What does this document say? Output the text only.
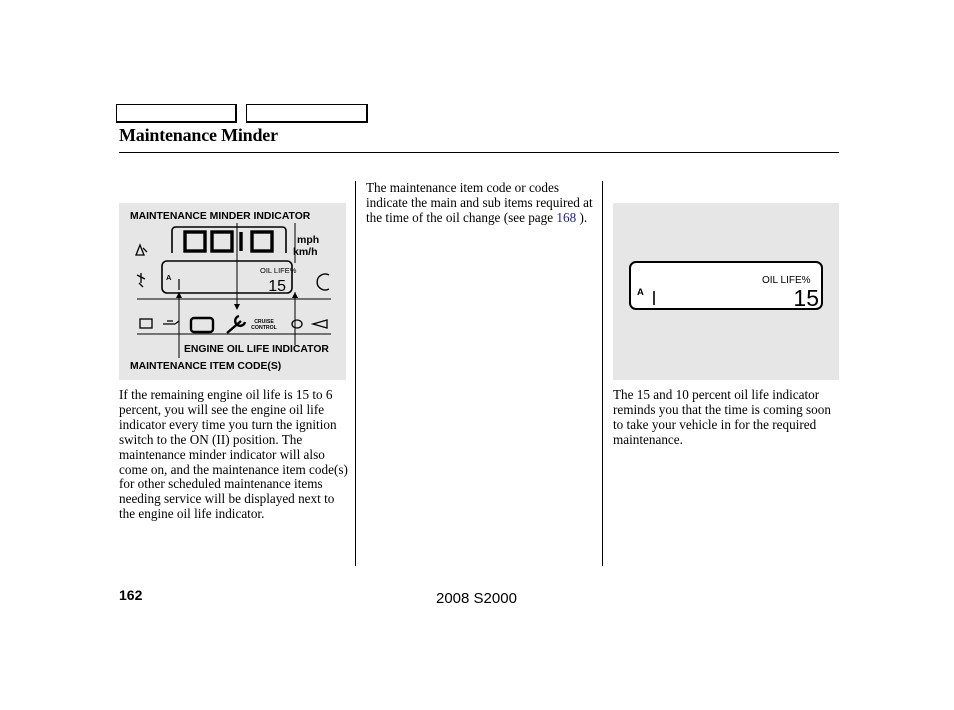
Maintenance Minder
MAINTENANCE MINDER INDICATOR
mph
km/h
A
OIL LIFE%
15
CRUISE
CONTROL
ENGINE OIL LIFE INDICATOR
MAINTENANCE ITEM CODE(S)
A
OIL LIFE%
15
If the remaining engine oil life is 15 to 6 percent, you will see the engine oil life indicator every time you turn the ignition switch to the ON (II) position. The maintenance minder indicator will also come on, and the maintenance item code(s) for other scheduled maintenance items needing service will be displayed next to the engine oil life indicator.
The maintenance item code or codes indicate the main and sub items required at the time of the oil change (see page 168 ).
The 15 and 10 percent oil life indicator reminds you that the time is coming soon to take your vehicle in for the required maintenance.
162	2008 S2000
